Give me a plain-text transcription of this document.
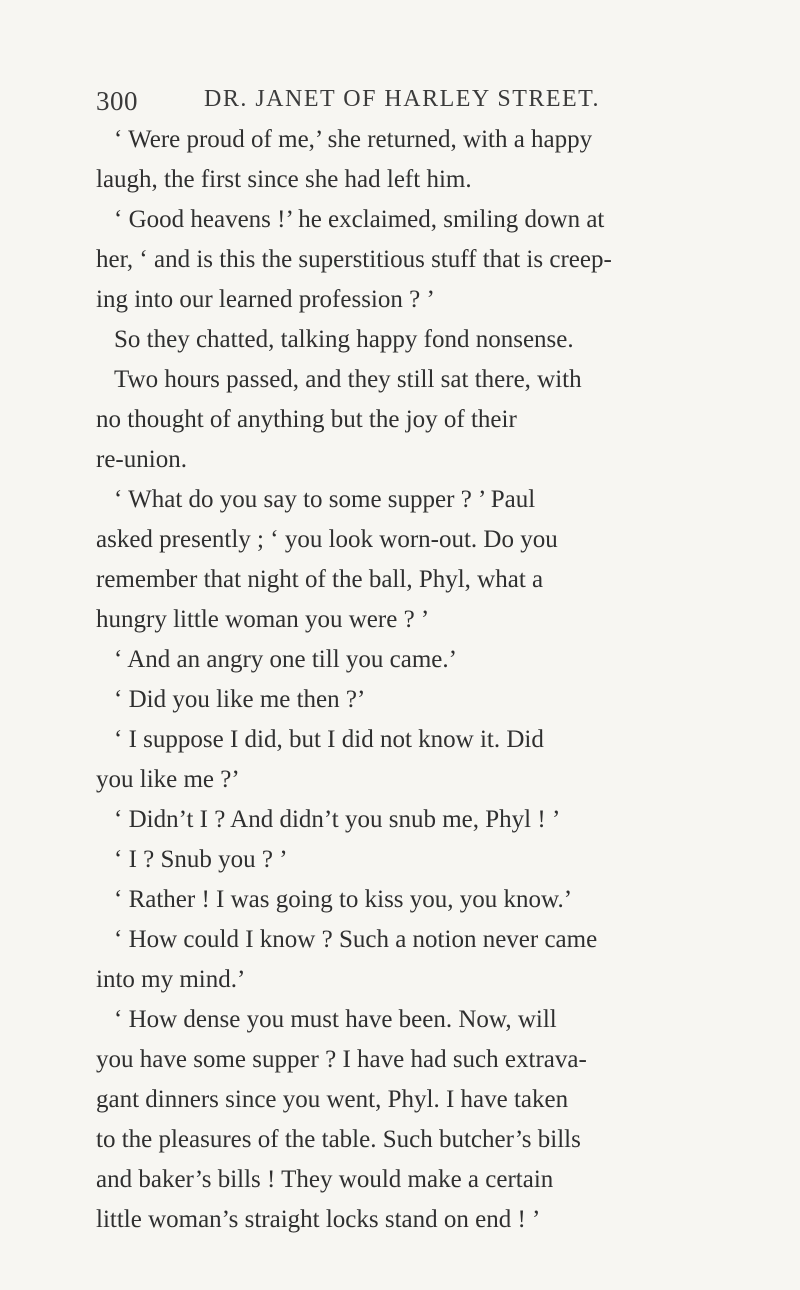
300	DR. JANET OF HARLEY STREET.
‘ Were proud of me,’ she returned, with a happy
laugh, the first since she had left him.
‘ Good heavens !’ he exclaimed, smiling down at
her, ‘ and is this the superstitious stuff that is creep-
ing into our learned profession ? ’
So they chatted, talking happy fond nonsense.
Two hours passed, and they still sat there, with
no thought of anything but the joy of their
re-union.
‘ What do you say to some supper ? ’ Paul
asked presently ; ‘ you look worn-out. Do you
remember that night of the ball, Phyl, what a
hungry little woman you were ? ’
‘ And an angry one till you came.’
‘ Did you like me then ?’
‘ I suppose I did, but I did not know it. Did
you like me ?’
‘ Didn’t I ? And didn’t you snub me, Phyl ! ’
‘ I ? Snub you ? ’
‘ Rather ! I was going to kiss you, you know.’
‘ How could I know ? Such a notion never came
into my mind.’
‘ How dense you must have been. Now, will
you have some supper ? I have had such extrava-
gant dinners since you went, Phyl. I have taken
to the pleasures of the table. Such butcher’s bills
and baker’s bills ! They would make a certain
little woman’s straight locks stand on end ! ’
